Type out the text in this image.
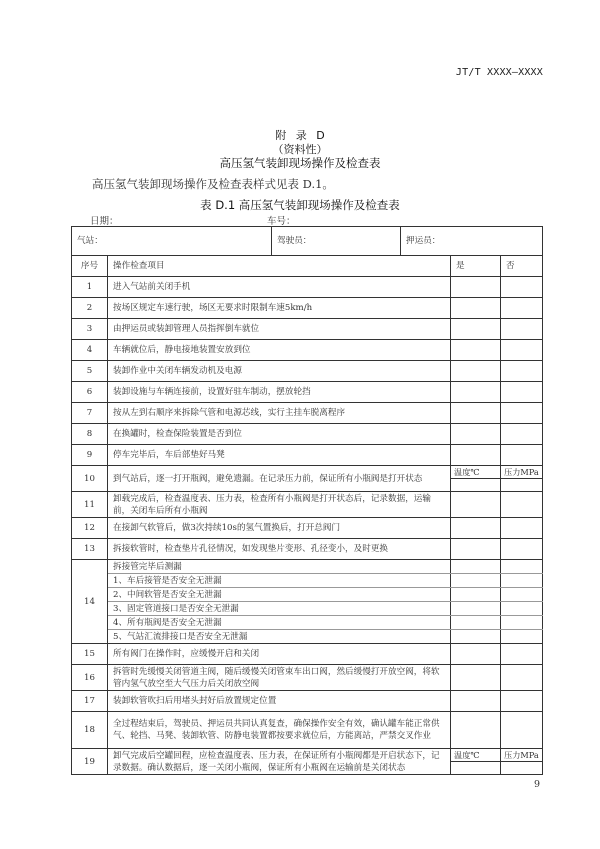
JT/T XXXX—XXXX
附 录 D
（资料性）
高压氢气装卸现场操作及检查表
高压氢气装卸现场操作及检查表样式见表 D.1。
表 D.1 高压氢气装卸现场操作及检查表
日期：	车号：
气站：		驾驶员：	押运员：		
序号	操作检查项目			是	否
1	进入气站前关闭手机				
2	按场区规定车速行驶，场区无要求时限制车速5km/h				
3	由押运员或装卸管理人员指挥倒车就位				
4	车辆就位后，静电接地装置安放到位				
5	装卸作业中关闭车辆发动机及电源				
6	装卸设施与车辆连接前，设置好驻车制动，摆放轮挡				
7	按从左到右顺序来拆除气管和电源芯线，实行主挂车脱离程序				
8	在换罐时，检查保险装置是否到位				
9	停车完毕后，车后部垫好马凳				
10	到气站后，逐一打开瓶阀，避免遗漏。在记录压力前，保证所有小瓶阀是打开状态			温度℃	压力MPa

11	卸载完成后，检查温度表、压力表，检查所有小瓶阀是打开状态后，记录数据，运输前，关闭车后所有小瓶阀				
12	在接卸气软管后，做3次持续10s的氢气置换后，打开总阀门				
13	拆接软管时，检查垫片孔径情况，如发现垫片变形、孔径变小，及时更换				
14	拆接管完毕后测漏				
	1、车后接管是否安全无泄漏				
	2、中间软管是否安全无泄漏				
	3、固定管道接口是否安全无泄漏				
	4、所有瓶阀是否安全无泄漏				
	5、气站汇流排接口是否安全无泄漏				
15	所有阀门在操作时，应缓慢开启和关闭				
16	拆管时先缓慢关闭管道主阀，随后缓慢关闭管束车出口阀，然后缓慢打开放空阀，将软管内氢气放空至大气压力后关闭放空阀				
17	装卸软管吹扫后用堵头封好后放置规定位置				
18	全过程结束后，驾驶员、押运员共同认真复查，确保操作安全有效，确认罐车能正常供气、轮挡、马凳、装卸软管、防静电装置都按要求就位后，方能离站，严禁交叉作业				
19	卸气完成后空罐回程，应检查温度表、压力表，在保证所有小瓶阀都是开启状态下，记录数据。确认数据后，逐一关闭小瓶阀，保证所有小瓶阀在运输前是关闭状态			温度℃	压力MPa

9
